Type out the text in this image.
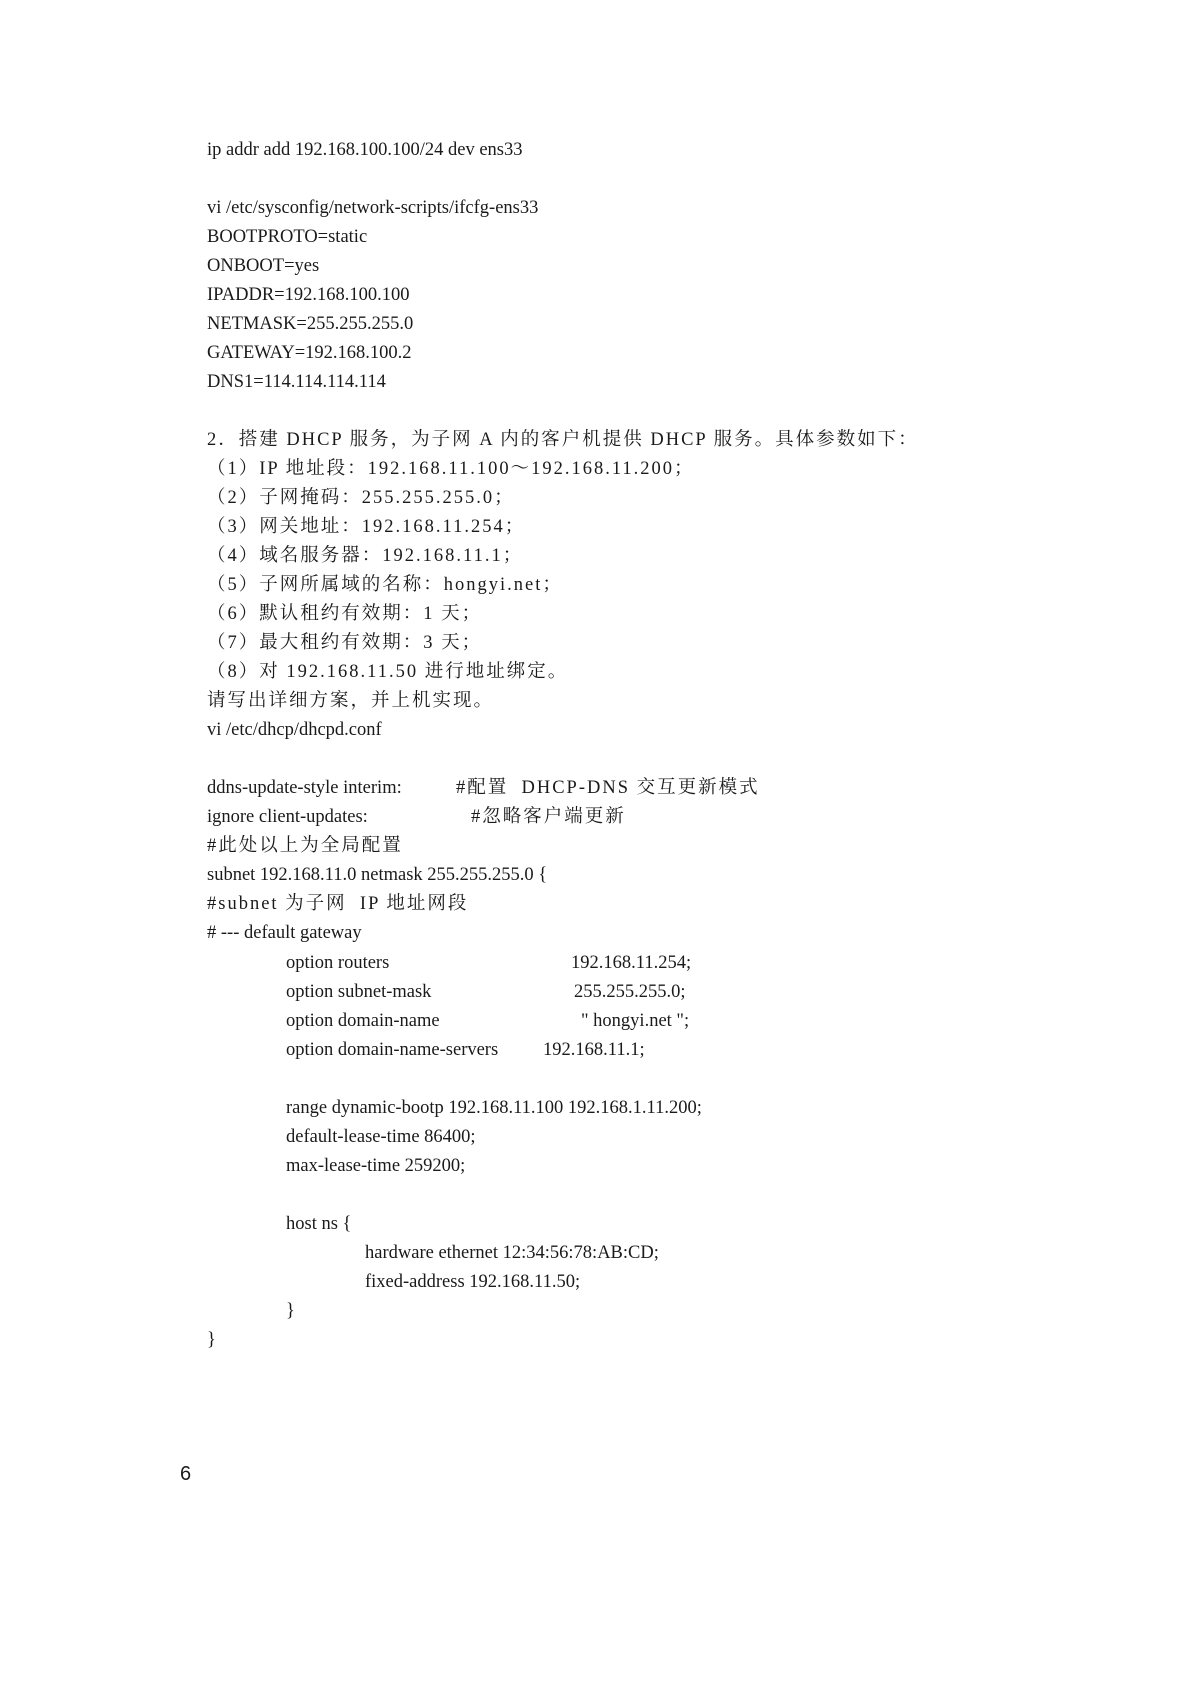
ip addr add 192.168.100.100/24 dev ens33

vi /etc/sysconfig/network-scripts/ifcfg-ens33

BOOTPROTO=static

ONBOOT=yes

IPADDR=192.168.100.100

NETMASK=255.255.255.0

GATEWAY=192.168.100.2

DNS1=114.114.114.114

2．搭建 DHCP 服务，为子网 A 内的客户机提供 DHCP 服务。具体参数如下：

（1）IP 地址段：192.168.11.100～192.168.11.200；

（2）子网掩码：255.255.255.0；

（3）网关地址：192.168.11.254；

（4）域名服务器：192.168.11.1；

（5）子网所属域的名称：hongyi.net；

（6）默认租约有效期：1 天；

（7）最大租约有效期：3 天；

（8）对 192.168.11.50 进行地址绑定。

请写出详细方案，并上机实现。

vi /etc/dhcp/dhcpd.conf

ddns-update-style interim:	#配置  DHCP-DNS 交互更新模式

ignore client-updates:	#忽略客户端更新

#此处以上为全局配置

subnet 192.168.11.0 netmask 255.255.255.0 {

#subnet 为子网  IP 地址网段

# --- default gateway

option routers	192.168.11.254;

option subnet-mask	255.255.255.0;

option domain-name	" hongyi.net ";

option domain-name-servers 192.168.11.1;

range dynamic-bootp 192.168.11.100 192.168.1.11.200;

default-lease-time 86400;

max-lease-time 259200;

host ns {

hardware ethernet 12:34:56:78:AB:CD;

fixed-address 192.168.11.50;

}

}

6
